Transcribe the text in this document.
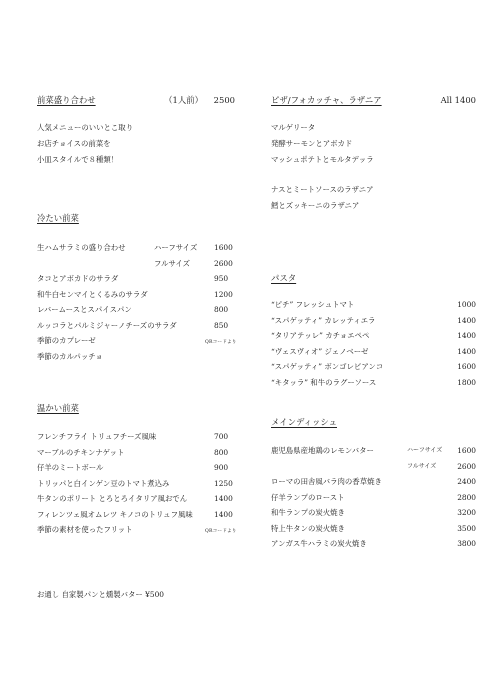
前菜盛り合わせ	（1人前） 2500
人気メニューのいいとこ取り
お店チョイスの前菜を
小皿スタイルで８種類！
冷たい前菜
生ハムサラミの盛り合わせ	ハーフサイズ 1600
フルサイズ	2600
タコとアボカドのサラダ	950
和牛白センマイとくるみのサラダ	1200
レバームースとスパイスパン	800
ルッコラとパルミジャーノチーズのサラダ	850
季節のカプレーゼ	QRコードより
季節のカルパッチョ
温かい前菜
フレンチフライ トリュフチーズ風味	700
マーブルのチキンナゲット	800
仔羊のミートボール	900
トリッパと白インゲン豆のトマト煮込み	1250
牛タンのポリート とろとろイタリア風おでん	1400
フィレンツェ風オムレツ キノコのトリュフ風味	1400
季節の素材を使ったフリット	QRコードより
ピザ/フォカッチャ、ラザニア	All 1400
マルゲリータ
発酵サーモンとアボカド
マッシュポテトとモルタデッラ
ナスとミートソースのラザニア
鱈とズッキーニのラザニア
パスタ
“ピチ” フレッシュトマト	1000
“スパゲッティ” カレッティエラ	1400
“タリアテッレ” カチョエペペ	1400
“ヴェスヴィオ” ジェノベーゼ	1400
“スパゲッティ” ボンゴレビアンコ	1600
“キタッラ” 和牛のラグーソース	1800
メインディッシュ
鹿児島県産地鶏のレモンバター	ハーフサイズ 1600
フルサイズ	2600
ローマの田舎風バラ肉の香草焼き	2400
仔羊ランプのロースト	2800
和牛ランプの炭火焼き	3200
特上牛タンの炭火焼き	3500
アンガス牛ハラミの炭火焼き	3800
お通し 自家製パンと燻製バター ¥500
